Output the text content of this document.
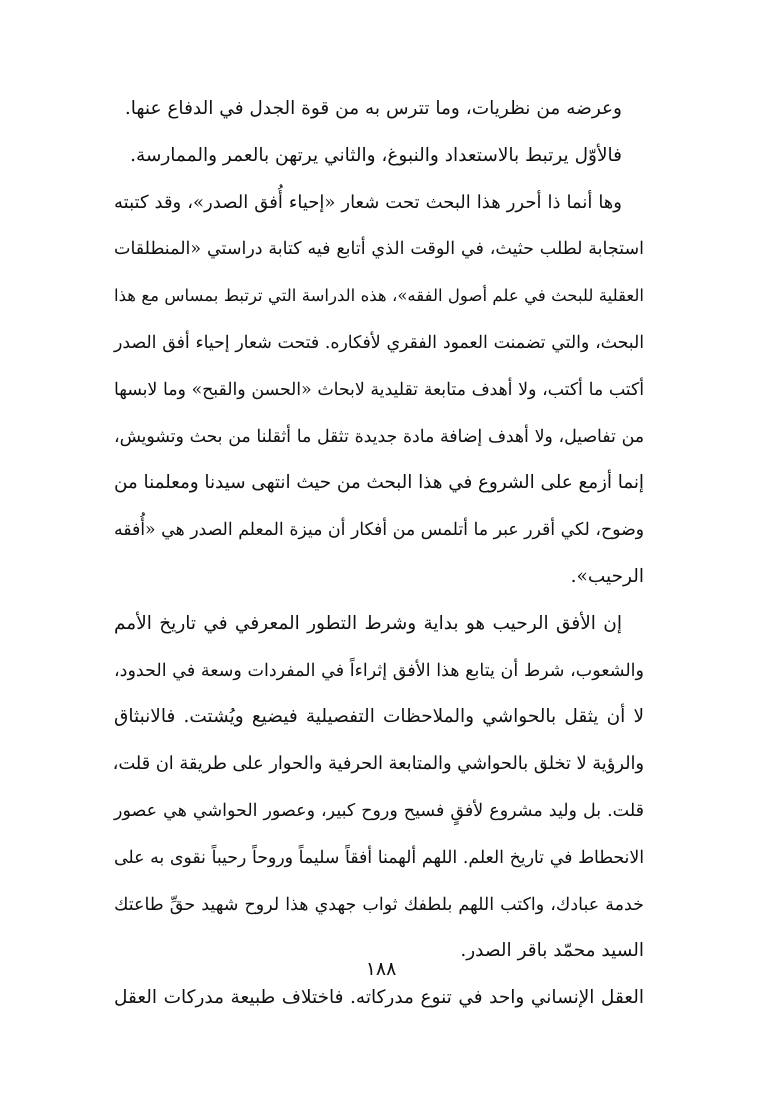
وعرضه من نظريات، وما تترس به من قوة الجدل في الدفاع عنها.
فالأوّل يرتبط بالاستعداد والنبوغ، والثاني يرتهن بالعمر والممارسة.
وها أنما ذا أحرر هذا البحث تحت شعار «إحياء أُفق الصدر»، وقد كتبته
استجابة لطلب حثيث، في الوقت الذي أتابع فيه كتابة دراستي «المنطلقات
العقلية للبحث في علم أصول الفقه»، هذه الدراسة التي ترتبط بمساس مع هذا
البحث، والتي تضمنت العمود الفقري لأفكاره. فتحت شعار إحياء أفق الصدر
أكتب ما أكتب، ولا أهدف متابعة تقليدية لابحاث «الحسن والقبح» وما لابسها
من تفاصيل، ولا أهدف إضافة مادة جديدة تثقل ما أثقلنا من بحث وتشويش،
إنما أزمع على الشروع في هذا البحث من حيث انتهى سيدنا ومعلمنا من
وضوح، لكي أقرر عبر ما أتلمس من أفكار أن ميزة المعلم الصدر هي «أُفقه
الرحيب».
إن الأفق الرحيب هو بداية وشرط التطور المعرفي في تاريخ الأمم
والشعوب، شرط أن يتابع هذا الأفق إثراءاً في المفردات وسعة في الحدود،
لا أن يثقل بالحواشي والملاحظات التفصيلية فيضيع ويُشتت. فالانبثاق
والرؤية لا تخلق بالحواشي والمتابعة الحرفية والحوار على طريقة ان قلت،
قلت. بل وليد مشروع لأفقٍ فسيح وروح كبير، وعصور الحواشي هي عصور
الانحطاط في تاريخ العلم. اللهم ألهمنا أفقاً سليماً وروحاً رحيباً نقوى به على
خدمة عبادك، واكتب اللهم بلطفك ثواب جهدي هذا لروح شهيد حقِّ طاعتك
السيد محمّد باقر الصدر.
العقل الإنساني واحد في تنوع مدركاته. فاختلاف طبيعة مدركات العقل
١٨٨
